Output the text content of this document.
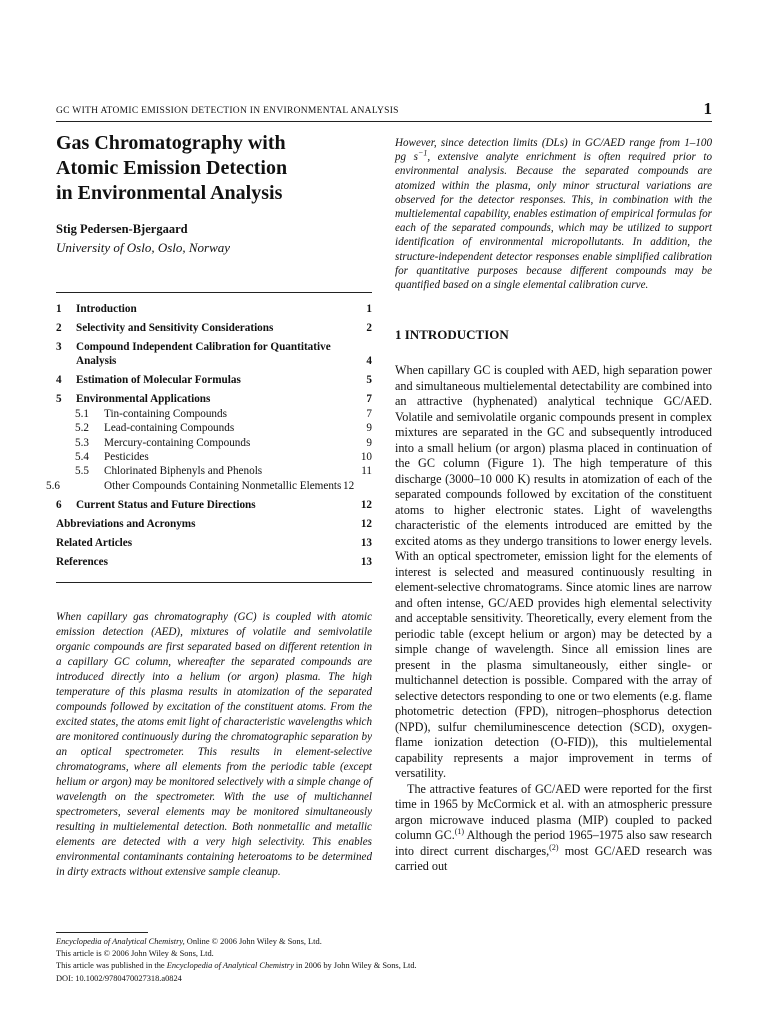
GC WITH ATOMIC EMISSION DETECTION IN ENVIRONMENTAL ANALYSIS	1
Gas Chromatography with
Atomic Emission Detection
in Environmental Analysis
Stig Pedersen-Bjergaard
University of Oslo, Oslo, Norway
1 Introduction	1
2 Selectivity and Sensitivity Considerations	2
3 Compound Independent Calibration for Quantitative Analysis	4
4 Estimation of Molecular Formulas	5
5 Environmental Applications	7
5.1 Tin-containing Compounds	7
5.2 Lead-containing Compounds	9
5.3 Mercury-containing Compounds	9
5.4 Pesticides	10
5.5 Chlorinated Biphenyls and Phenols	11
5.6	Other Compounds Containing Nonmetallic Elements 12
6 Current Status and Future Directions	12
Abbreviations and Acronyms	12
Related Articles	13
References	13

When capillary gas chromatography (GC) is coupled with atomic emission detection (AED), mixtures of volatile and semivolatile organic compounds are first separated based on different retention in a capillary GC column, whereafter the separated compounds are introduced directly into a helium (or argon) plasma. The high temperature of this plasma results in atomization of the separated compounds followed by excitation of the constituent atoms. From the excited states, the atoms emit light of characteristic wavelengths which are monitored continuously during the chromatographic separation by an optical spectrometer. This results in element-selective chromatograms, where all elements from the periodic table (except helium or argon) may be monitored selectively with a simple change of wavelength on the spectrometer. With the use of multichannel spectrometers, several elements may be monitored simultaneously resulting in multielemental detection. Both nonmetallic and metallic elements are detected with a very high selectivity. This enables environmental contaminants containing heteroatoms to be determined in dirty extracts without extensive sample cleanup.

However, since detection limits (DLs) in GC/AED range from 1–100 pg $s^{-1}$, extensive analyte enrichment is often required prior to environmental analysis. Because the separated compounds are atomized within the plasma, only minor structural variations are observed for the detector responses. This, in combination with the multielemental capability, enables estimation of empirical formulas for each of the separated compounds, which may be utilized to support identification of environmental micropollutants. In addition, the structure-independent detector responses enable simplified calibration for quantitative purposes because different compounds may be quantified based on a single elemental calibration curve.

1 INTRODUCTION

When capillary GC is coupled with AED, high separation power and simultaneous multielemental detectability are combined into an attractive (hyphenated) analytical technique GC/AED. Volatile and semivolatile organic compounds present in complex mixtures are separated in the GC and subsequently introduced into a small helium (or argon) plasma placed in continuation of the GC column (Figure 1). The high temperature of this discharge (3000–10 000 K) results in atomization of each of the separated compounds followed by excitation of the constituent atoms to higher electronic states. Light of wavelengths characteristic of the elements introduced are emitted by the excited atoms as they undergo transitions to lower energy levels. With an optical spectrometer, emission light for the elements of interest is selected and measured continuously resulting in element-selective chromatograms. Since atomic lines are narrow and often intense, GC/AED provides high elemental selectivity and acceptable sensitivity. Theoretically, every element from the periodic table (except helium or argon) may be detected by a simple change of wavelength. Since all emission lines are present in the plasma simultaneously, either single- or multichannel detection is possible. Compared with the array of selective detectors responding to one or two elements (e.g. flame photometric detection (FPD), nitrogen–phosphorus detection (NPD), sulfur chemiluminescence detection (SCD), oxygen-flame ionization detection (O-FID)), this multielemental capability represents a major improvement in terms of versatility.

The attractive features of GC/AED were reported for the first time in 1965 by McCormick et al. with an atmospheric pressure argon microwave induced plasma (MIP) coupled to packed column GC.$^{(1)}$ Although the period 1965–1975 also saw research into direct current discharges,$^{(2)}$ most GC/AED research was carried out

Encyclopedia of Analytical Chemistry, Online © 2006 John Wiley & Sons, Ltd.
This article is © 2006 John Wiley & Sons, Ltd.
This article was published in the Encyclopedia of Analytical Chemistry in 2006 by John Wiley & Sons, Ltd.
DOI: 10.1002/9780470027318.a0824
